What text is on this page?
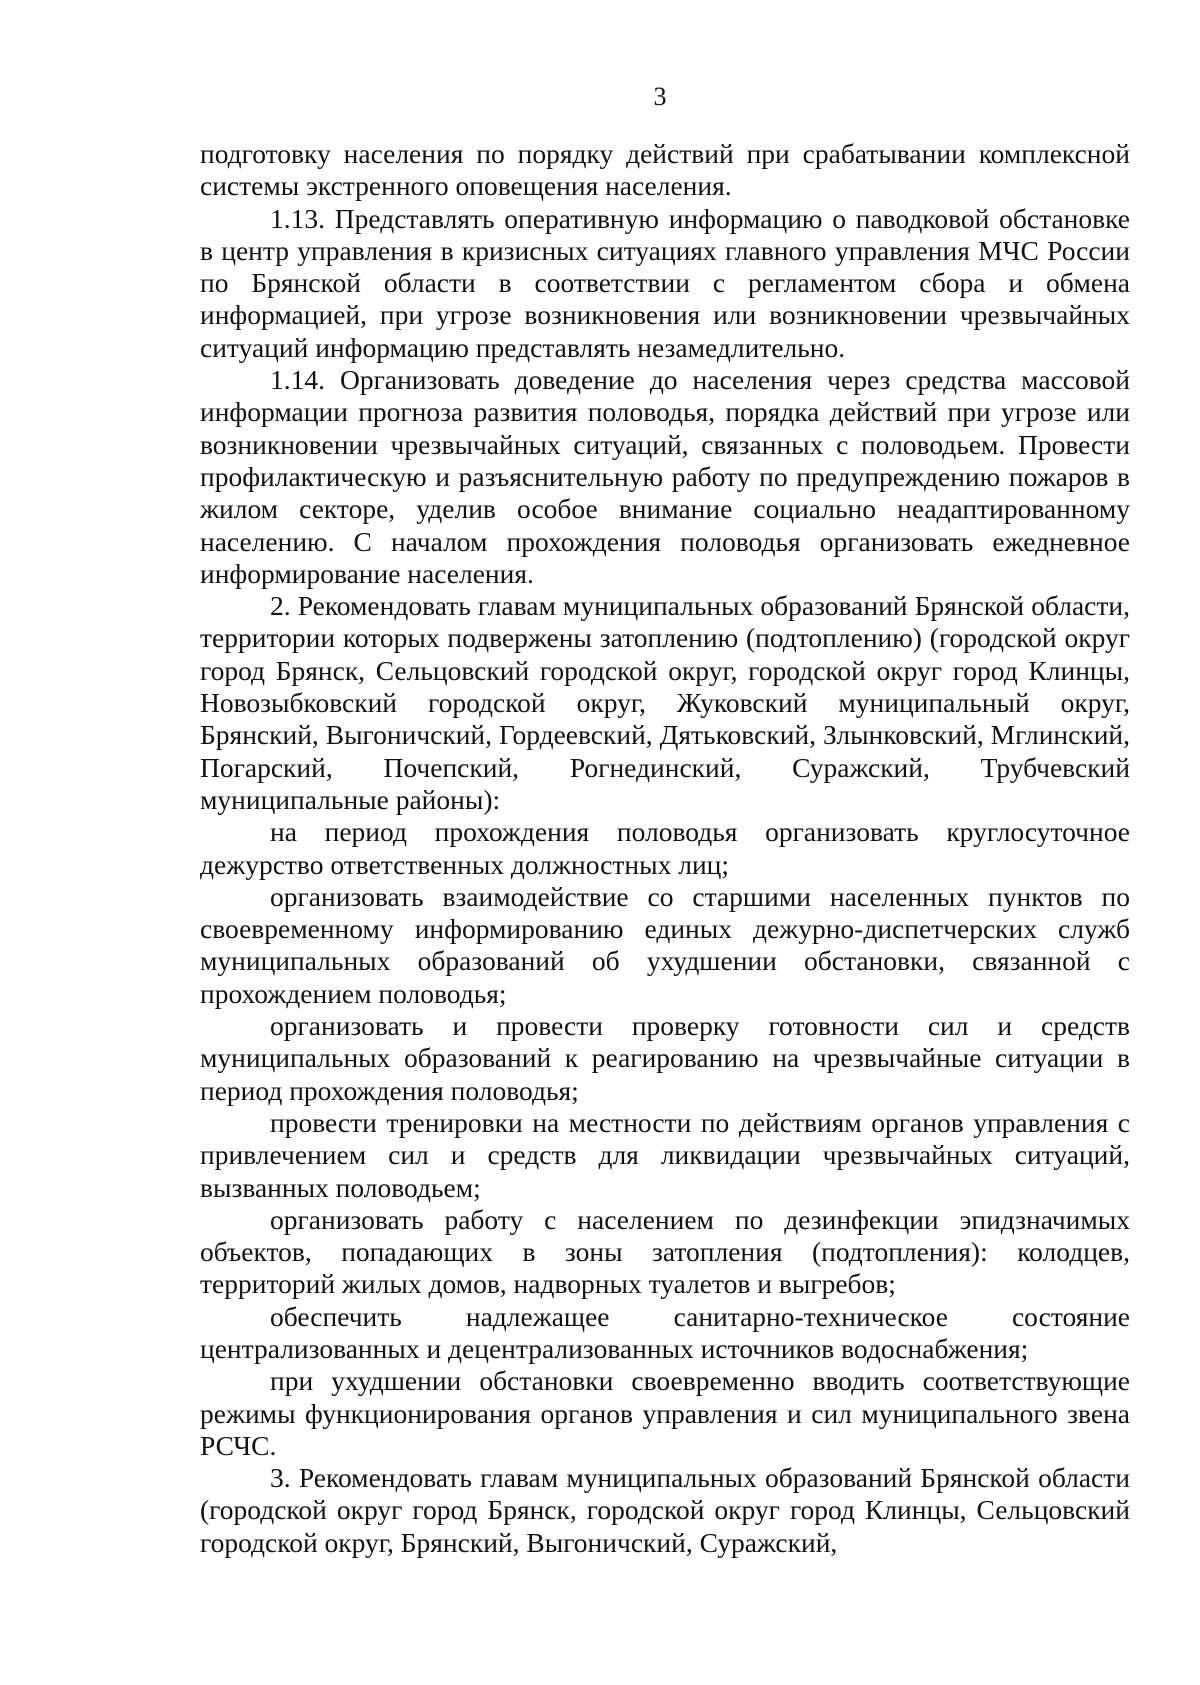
3

подготовку населения по порядку действий при срабатывании комплексной системы экстренного оповещения населения.

1.13. Представлять оперативную информацию о паводковой обстановке в центр управления в кризисных ситуациях главного управления МЧС России по Брянской области в соответствии с регламентом сбора и обмена информацией, при угрозе возникновения или возникновении чрезвычайных ситуаций информацию представлять незамедлительно.

1.14. Организовать доведение до населения через средства массовой информации прогноза развития половодья, порядка действий при угрозе или возникновении чрезвычайных ситуаций, связанных с половодьем. Провести профилактическую и разъяснительную работу по предупреждению пожаров в жилом секторе, уделив особое внимание социально неадаптированному населению. С началом прохождения половодья организовать ежедневное информирование населения.

2. Рекомендовать главам муниципальных образований Брянской области, территории которых подвержены затоплению (подтоплению) (городской округ город Брянск, Сельцовский городской округ, городской округ город Клинцы, Новозыбковский городской округ, Жуковский муниципальный округ, Брянский, Выгоничский, Гордеевский, Дятьковский, Злынковский, Мглинский, Погарский, Почепский, Рогнединский, Суражский, Трубчевский муниципальные районы):

на период прохождения половодья организовать круглосуточное дежурство ответственных должностных лиц;

организовать взаимодействие со старшими населенных пунктов по своевременному информированию единых дежурно-диспетчерских служб муниципальных образований об ухудшении обстановки, связанной с прохождением половодья;

организовать и провести проверку готовности сил и средств муниципальных образований к реагированию на чрезвычайные ситуации в период прохождения половодья;

провести тренировки на местности по действиям органов управления с привлечением сил и средств для ликвидации чрезвычайных ситуаций, вызванных половодьем;

организовать работу с населением по дезинфекции эпидзначимых объектов, попадающих в зоны затопления (подтопления): колодцев, территорий жилых домов, надворных туалетов и выгребов;

обеспечить надлежащее санитарно-техническое состояние централизованных и децентрализованных источников водоснабжения;

при ухудшении обстановки своевременно вводить соответствующие режимы функционирования органов управления и сил муниципального звена РСЧС.

3. Рекомендовать главам муниципальных образований Брянской области (городской округ город Брянск, городской округ город Клинцы, Сельцовский городской округ, Брянский, Выгоничский, Суражский,
